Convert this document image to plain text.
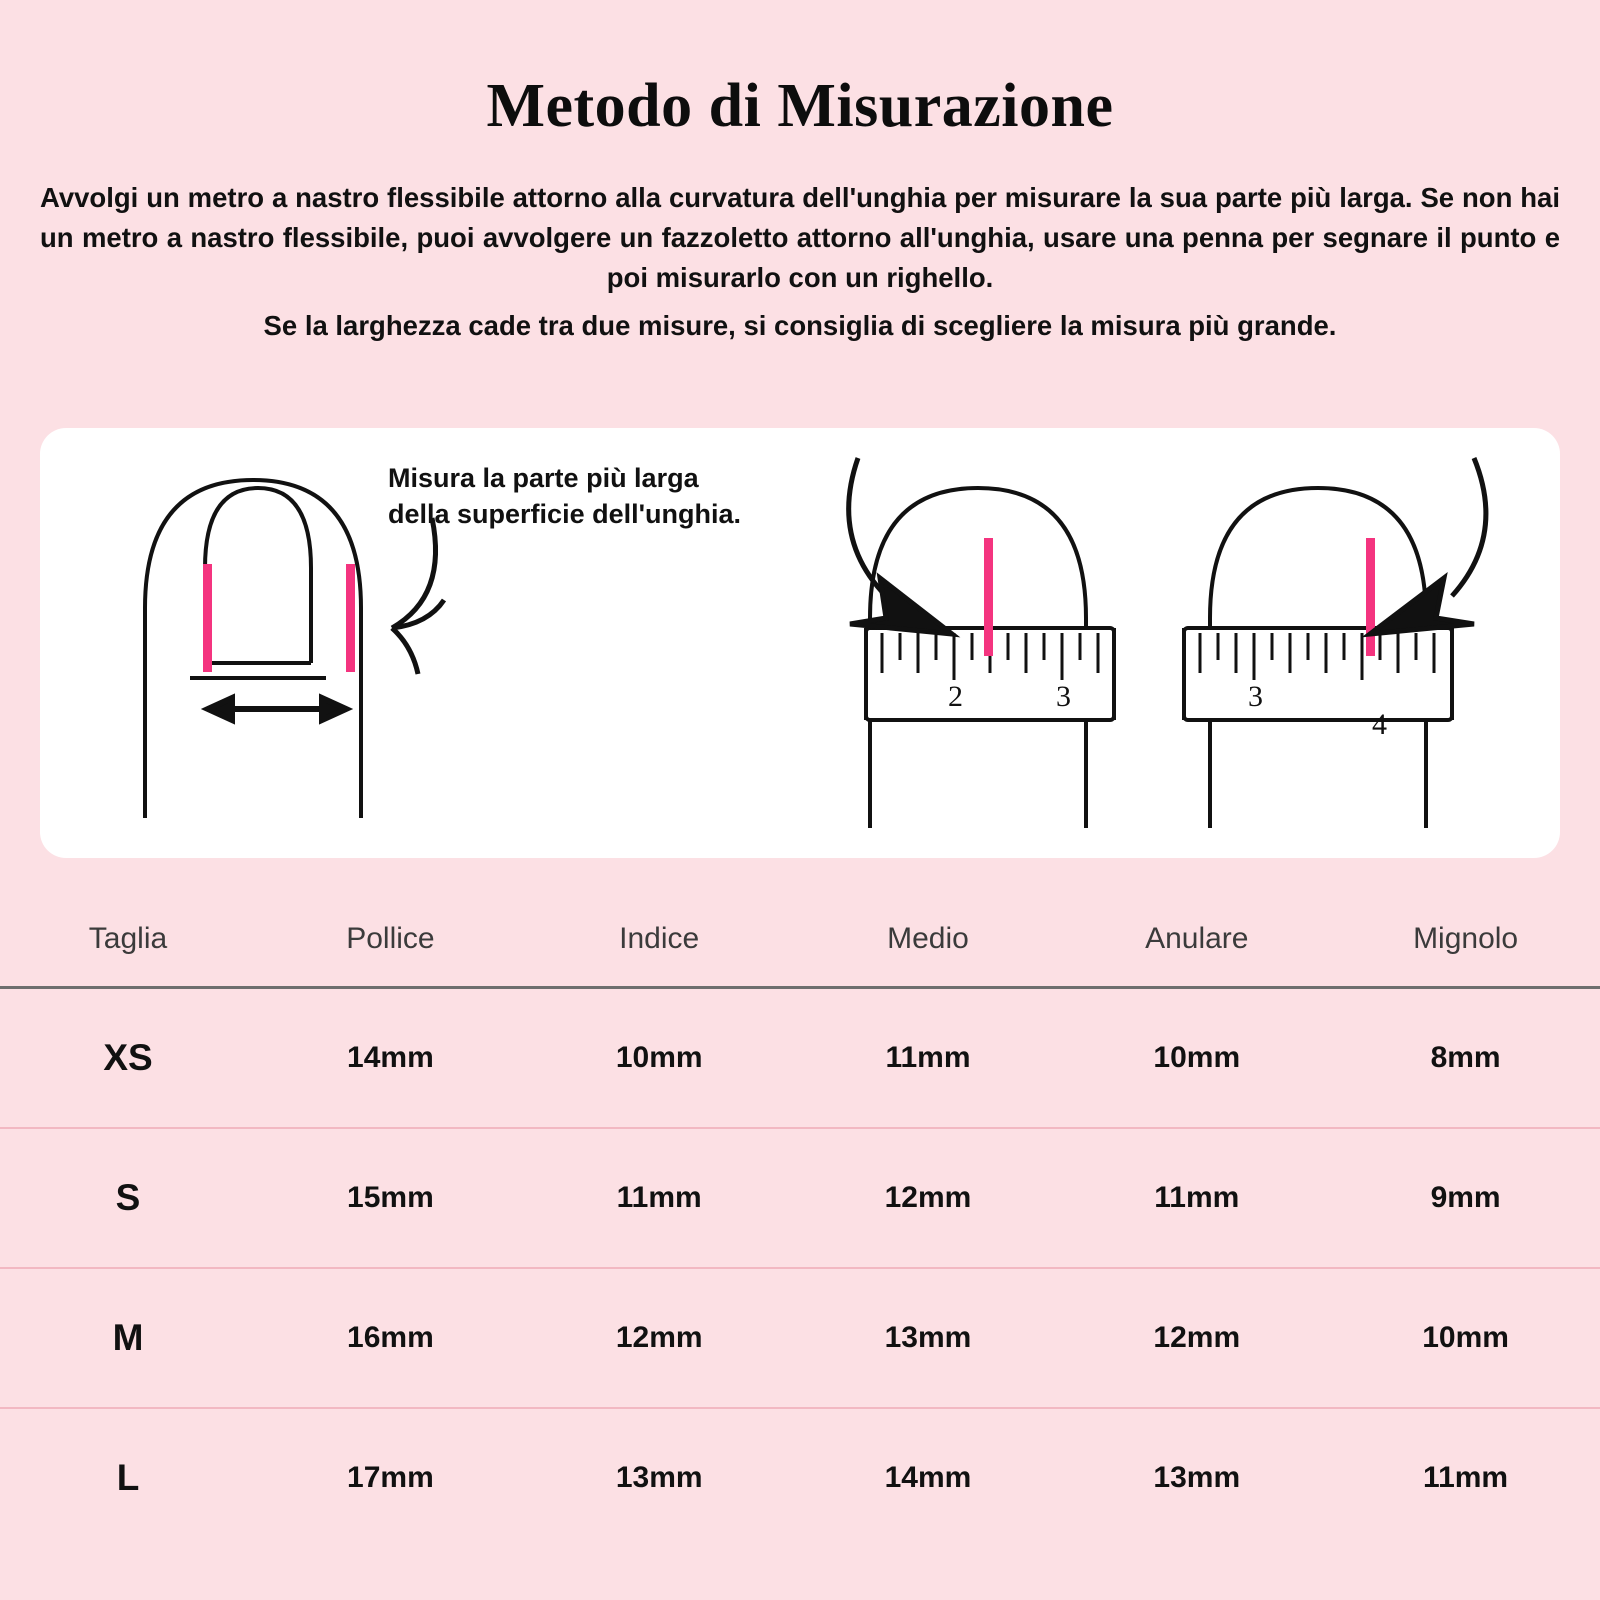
Metodo di Misurazione

Avvolgi un metro a nastro flessibile attorno alla curvatura dell'unghia per misurare la sua parte più larga. Se non hai un metro a nastro flessibile, puoi avvolgere un fazzoletto attorno all'unghia, usare una penna per segnare il punto e poi misurarlo con un righello.

Se la larghezza cade tra due misure, si consiglia di scegliere la misura più grande.

Misura la parte più larga
della superficie dell'unghia.
2	3	3
4
Taglia	Pollice	Indice	Medio	Anulare	Mignolo
XS	14mm	10mm	11mm	10mm	8mm
S	15mm	11mm	12mm	11mm	9mm
M	16mm	12mm	13mm	12mm	10mm
L	17mm	13mm	14mm	13mm	11mm
